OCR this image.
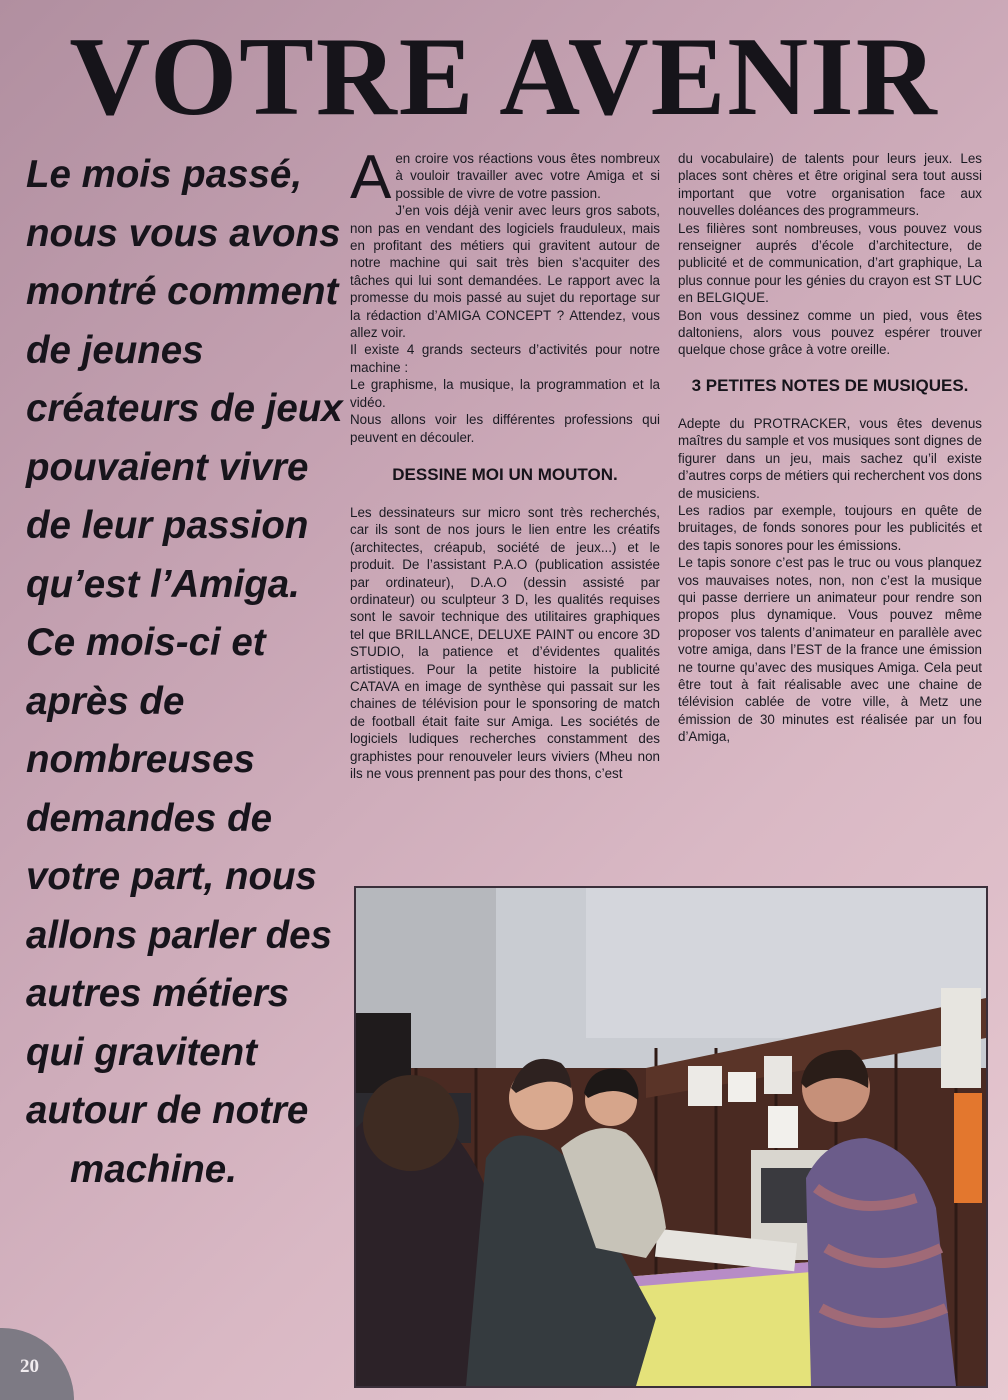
VOTRE AVENIR
Le mois passé, nous vous avons montré comment de jeunes créateurs de jeux pouvaient vivre de leur passion qu’est l’Amiga. Ce mois-ci et après de nombreuses demandes de votre part, nous allons parler des autres métiers qui gravitent autour de notre
machine.

Aen croire vos réactions vous êtes nombreux à vouloir travailler avec votre Amiga et si possible de vivre de votre passion.

J’en vois déjà venir avec leurs gros sabots, non pas en vendant des logiciels frauduleux, mais en profitant des métiers qui gravitent autour de notre machine qui sait très bien s’acquiter des tâches qui lui sont demandées. Le rapport avec la promesse du mois passé au sujet du reportage sur la rédaction d’AMIGA CONCEPT ? Attendez, vous allez voir.

Il existe 4 grands secteurs d’activités pour notre machine :

Le graphisme, la musique, la programmation et la vidéo.

Nous allons voir les différentes professions qui peuvent en découler.

DESSINE MOI UN MOUTON.

Les dessinateurs sur micro sont très recherchés, car ils sont de nos jours le lien entre les créatifs (architectes, créapub, société de jeux...) et le produit. De l’assistant P.A.O (publication assistée par ordinateur), D.A.O (dessin assisté par ordinateur) ou sculpteur 3 D, les qualités requises sont le savoir technique des utilitaires graphiques tel que BRILLANCE, DELUXE PAINT ou encore 3D STUDIO, la patience et d’évidentes qualités artistiques. Pour la petite histoire la publicité CATAVA en image de synthèse qui passait sur les chaines de télévision pour le sponsoring de match de football était faite sur Amiga. Les sociétés de logiciels ludiques recherches constamment des graphistes pour renouveler leurs viviers (Mheu non ils ne vous prennent pas pour des thons, c’est

du vocabulaire) de talents pour leurs jeux. Les places sont chères et être original sera tout aussi important que votre organisation face aux nouvelles doléances des programmeurs.

Les filières sont nombreuses, vous pouvez vous renseigner auprés d’école d’architecture, de publicité et de communication, d’art graphique, La plus connue pour les génies du crayon est ST LUC en BELGIQUE.

Bon vous dessinez comme un pied, vous êtes daltoniens, alors vous pouvez espérer trouver quelque chose grâce à votre oreille.

3 PETITES NOTES DE MUSIQUES.

Adepte du PROTRACKER, vous êtes devenus maîtres du sample et vos musiques sont dignes de figurer dans un jeu, mais sachez qu’il existe d’autres corps de métiers qui recherchent vos dons de musiciens.

Les radios par exemple, toujours en quête de bruitages, de fonds sonores pour les publicités et des tapis sonores pour les émissions.

Le tapis sonore c’est pas le truc ou vous planquez vos mauvaises notes, non, non c’est la musique qui passe derriere un animateur pour rendre son propos plus dynamique. Vous pouvez même proposer vos talents d’animateur en parallèle avec votre amiga, dans l’EST de la france une émission ne tourne qu’avec des musiques Amiga. Cela peut être tout à fait réalisable avec une chaine de télévision cablée de votre ville, à Metz une émission de 30 minutes est réalisée par un fou d’Amiga,

20
